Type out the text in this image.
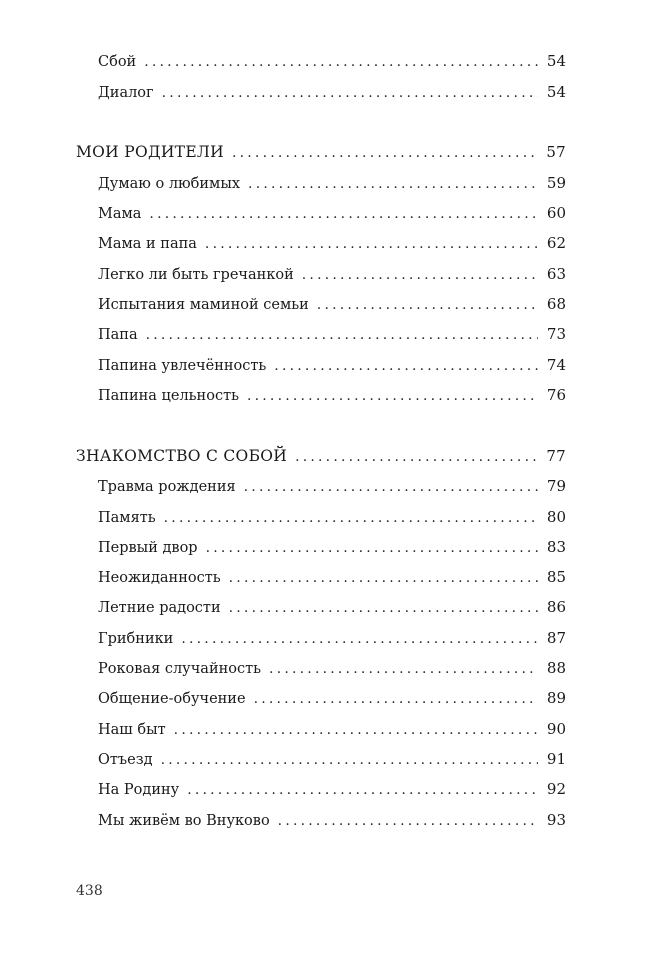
Сбой .....	54
Диалог .....	54
МОИ РОДИТЕЛИ .....	57
Думаю о любимых .....	59
Мама .....	60
Мама и папа .....	62
Легко ли быть гречанкой .....	63
Испытания маминой семьи .....	68
Папа .....	73
Папина увлечённость .....	74
Папина цельность .....	76
ЗНАКОМСТВО С СОБОЙ .....	77
Травма рождения .....	79
Память .....	80
Первый двор .....	83
Неожиданность .....	85
Летние радости .....	86
Грибники .....	87
Роковая случайность .....	88
Общение-обучение .....	89
Наш быт .....	90
Отъезд .....	91
На Родину .....	92
Мы живём во Внуково .....	93
438
